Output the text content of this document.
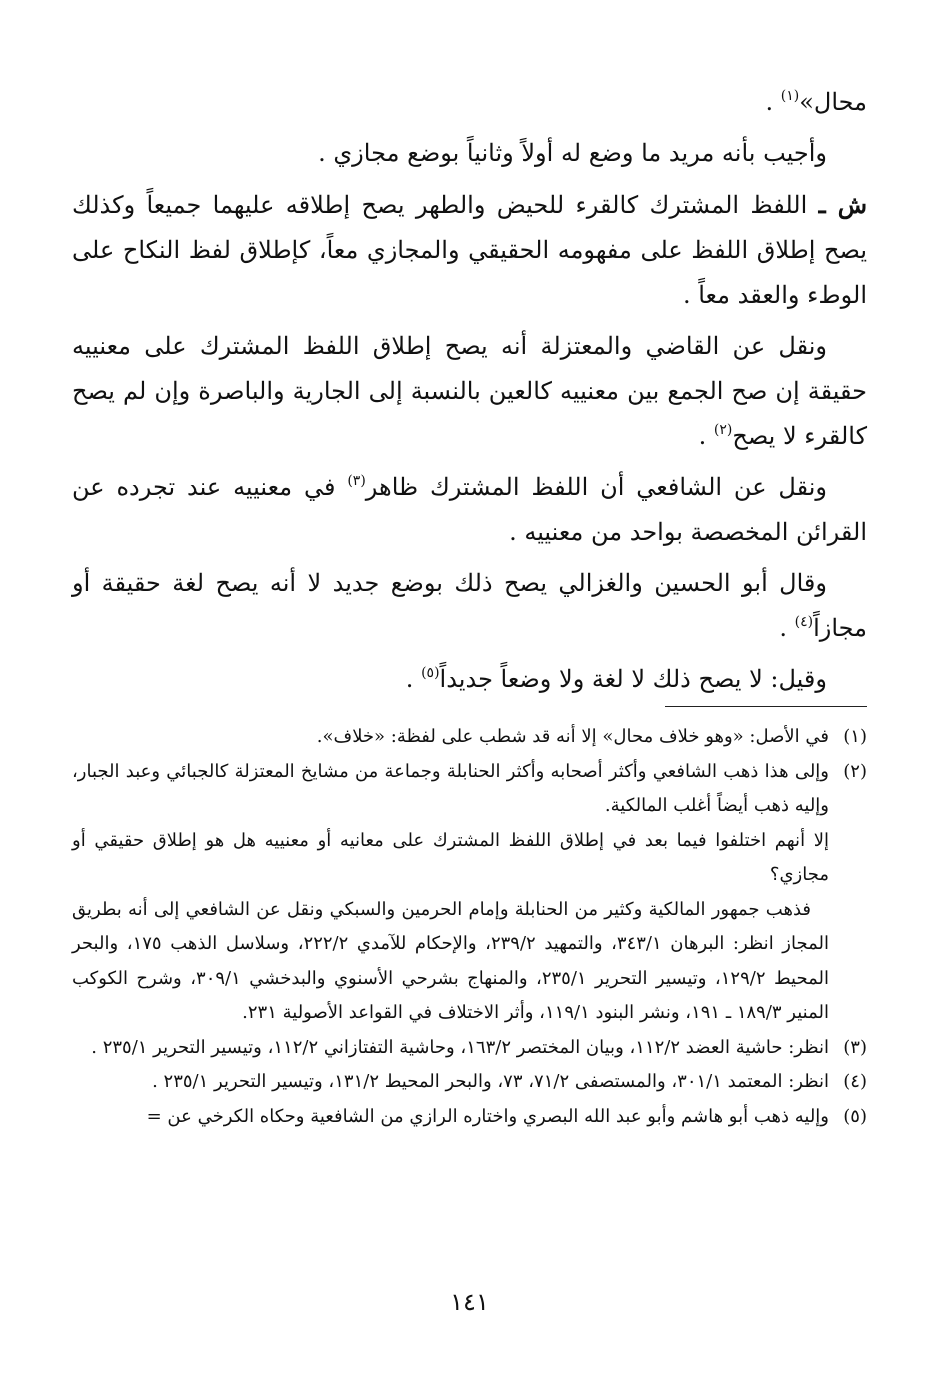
محال»$^{(١)}$ .

وأجيب بأنه مريد ما وضع له أولاً وثانياً بوضع مجازي .

ش ـ اللفظ المشترك كالقرء للحيض والطهر يصح إطلاقه عليهما جميعاً وكذلك يصح إطلاق اللفظ على مفهومه الحقيقي والمجازي معاً، كإطلاق لفظ النكاح على الوطء والعقد معاً .

ونقل عن القاضي والمعتزلة أنه يصح إطلاق اللفظ المشترك على معنييه حقيقة إن صح الجمع بين معنييه كالعين بالنسبة إلى الجارية والباصرة وإن لم يصح كالقرء لا يصح$^{(٢)}$ .

ونقل عن الشافعي أن اللفظ المشترك ظاهر$^{(٣)}$ في معنييه عند تجرده عن القرائن المخصصة بواحد من معنييه .

وقال أبو الحسين والغزالي يصح ذلك بوضع جديد لا أنه يصح لغة حقيقة أو مجازاً$^{(٤)}$ .

وقيل: لا يصح ذلك لا لغة ولا وضعاً جديداً$^{(٥)}$ .

(١)

في الأصل: «وهو خلاف محال» إلا أنه قد شطب على لفظة: «خلاف».

(٢)

وإلى هذا ذهب الشافعي وأكثر أصحابه وأكثر الحنابلة وجماعة من مشايخ المعتزلة كالجبائي وعبد الجبار، وإليه ذهب أيضاً أغلب المالكية.

إلا أنهم اختلفوا فيما بعد في إطلاق اللفظ المشترك على معانيه أو معنييه هل هو إطلاق حقيقي أو مجازي؟

فذهب جمهور المالكية وكثير من الحنابلة وإمام الحرمين والسبكي ونقل عن الشافعي إلى أنه بطريق المجاز انظر: البرهان ٣٤٣/١، والتمهيد ٢٣٩/٢، والإحكام للآمدي ٢٢٢/٢، وسلاسل الذهب ١٧٥، والبحر المحيط ١٢٩/٢، وتيسير التحرير ٢٣٥/١، والمنهاج بشرحي الأسنوي والبدخشي ٣٠٩/١، وشرح الكوكب المنير ١٨٩/٣ ـ ١٩١، ونشر البنود ١١٩/١، وأثر الاختلاف في القواعد الأصولية ٢٣١.

(٣)

انظر: حاشية العضد ١١٢/٢، وبيان المختصر ١٦٣/٢، وحاشية التفتازاني ١١٢/٢، وتيسير التحرير ٢٣٥/١ .

(٤)

انظر: المعتمد ٣٠١/١، والمستصفى ٧١/٢، ٧٣، والبحر المحيط ١٣١/٢، وتيسير التحرير ٢٣٥/١ .

(٥)

وإليه ذهب أبو هاشم وأبو عبد الله البصري واختاره الرازي من الشافعية وحكاه الكرخي عن =

١٤١
